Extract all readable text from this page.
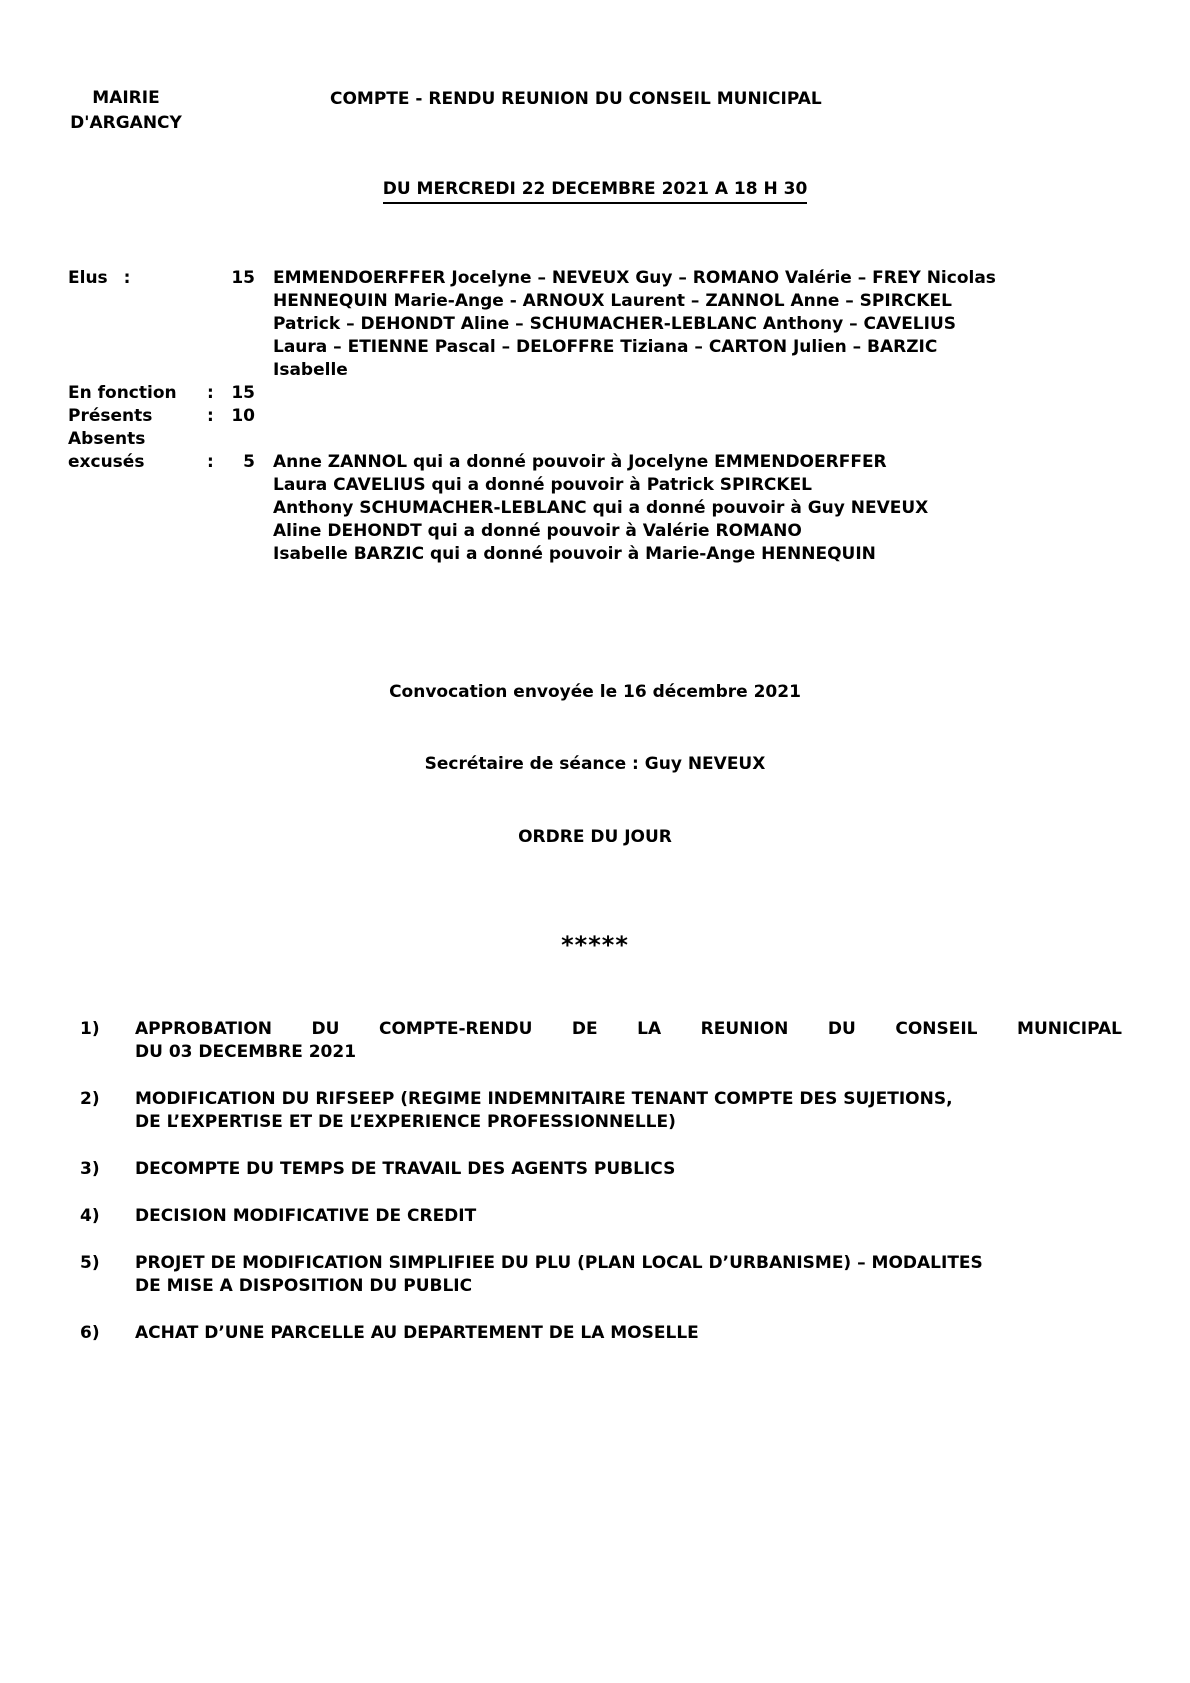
MAIRIE
D'ARGANCY
COMPTE - RENDU REUNION DU CONSEIL MUNICIPAL
DU MERCREDI 22 DECEMBRE 2021 A 18 H 30
Elus :	15 EMMENDOERFFER Jocelyne – NEVEUX Guy – ROMANO Valérie – FREY Nicolas
HENNEQUIN Marie-Ange - ARNOUX Laurent – ZANNOL Anne – SPIRCKEL
Patrick – DEHONDT Aline – SCHUMACHER-LEBLANC Anthony – CAVELIUS
Laura – ETIENNE Pascal – DELOFFRE Tiziana – CARTON Julien – BARZIC
Isabelle
En fonction	: 15
Présents	: 10
Absents
excusés	: 5 Anne ZANNOL qui a donné pouvoir à Jocelyne EMMENDOERFFER
Laura CAVELIUS qui a donné pouvoir à Patrick SPIRCKEL
Anthony SCHUMACHER-LEBLANC qui a donné pouvoir à Guy NEVEUX
Aline DEHONDT qui a donné pouvoir à Valérie ROMANO
Isabelle BARZIC qui a donné pouvoir à Marie-Ange HENNEQUIN
Convocation envoyée le 16 décembre 2021
Secrétaire de séance : Guy NEVEUX
ORDRE DU JOUR
*****
1)	APPROBATION DU COMPTE-RENDU DE LA REUNION DU CONSEIL MUNICIPAL
DU 03 DECEMBRE 2021
2)	MODIFICATION DU RIFSEEP (REGIME INDEMNITAIRE TENANT COMPTE DES SUJETIONS,
DE L’EXPERTISE ET DE L’EXPERIENCE PROFESSIONNELLE)
3)	DECOMPTE DU TEMPS DE TRAVAIL DES AGENTS PUBLICS
4)	DECISION MODIFICATIVE DE CREDIT
5)	PROJET DE MODIFICATION SIMPLIFIEE DU PLU (PLAN LOCAL D’URBANISME) – MODALITES
DE MISE A DISPOSITION DU PUBLIC
6)	ACHAT D’UNE PARCELLE AU DEPARTEMENT DE LA MOSELLE
